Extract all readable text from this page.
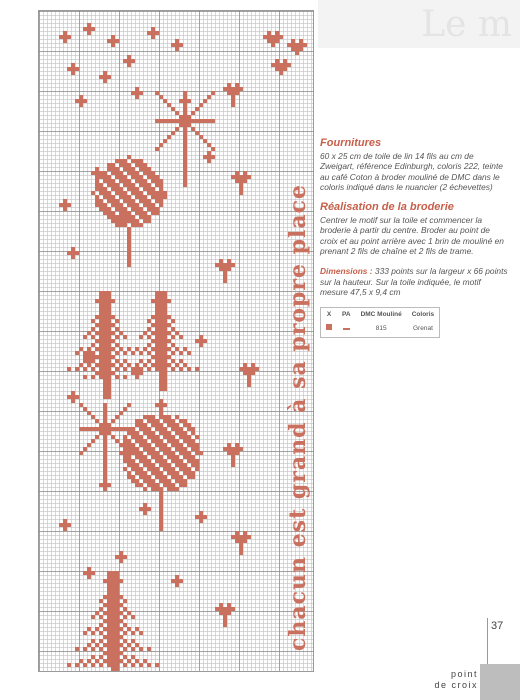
Le m
chacun est grand à sa propre place
Fournitures
60 x 25 cm de toile de lin 14 fils au cm de Zweigart, référence Edinburgh, coloris 222, teinte au café Coton à broder mouliné de DMC dans le coloris indiqué dans le nuancier (2 échevettes)
Réalisation de la broderie
Centrer le motif sur la toile et commencer la broderie à partir du centre. Broder au point de croix et au point arrière avec 1 brin de mouliné en prenant 2 fils de chaîne et 2 fils de trame.
Dimensions : 333 points sur la largeur x 66 points sur la hauteur. Sur la toile indiquée, le motif mesure 47,5 x 9,4 cm
X	PA	DMC Mouliné	Coloris
		815	Grenat
37
point
de croix
